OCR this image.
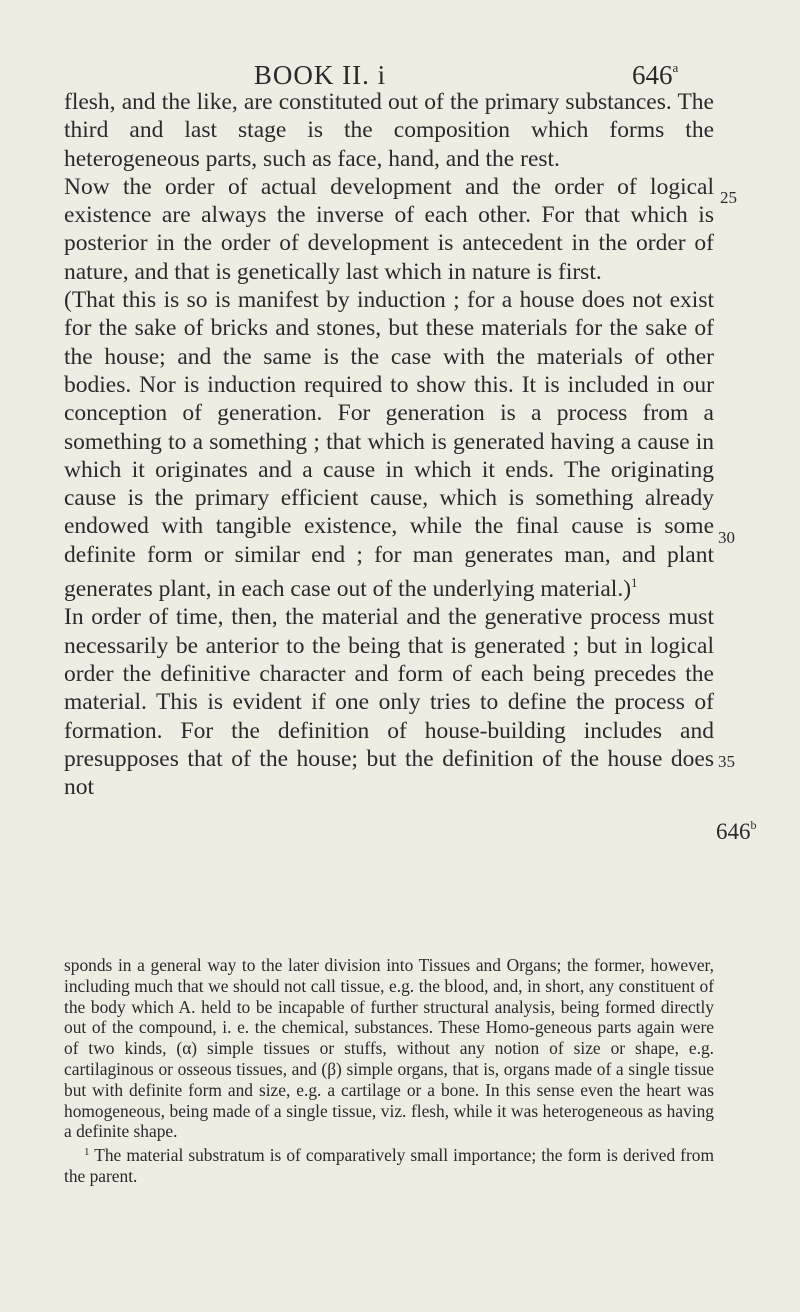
BOOK II. i	646$^a$

flesh, and the like, are constituted out of the primary substances. The third and last stage is the composition which forms the heterogeneous parts, such as face, hand, and the rest.

Now the order of actual development and the order of logical existence are always the inverse of each other. For that which is posterior in the order of development is antecedent in the order of nature, and that is genetically last which in nature is first.

(That this is so is manifest by induction ; for a house does not exist for the sake of bricks and stones, but these materials for the sake of the house; and the same is the case with the materials of other bodies. Nor is induction required to show this. It is included in our conception of generation. For generation is a process from a something to a something ; that which is generated having a cause in which it originates and a cause in which it ends. The originating cause is the primary efficient cause, which is something already endowed with tangible existence, while the final cause is some definite form or similar end ; for man generates man, and plant generates plant, in each case out of the underlying material.)$^1$

In order of time, then, the material and the generative process must necessarily be anterior to the being that is generated ; but in logical order the definitive character and form of each being precedes the material. This is evident if one only tries to define the process of formation. For the definition of house-building includes and presupposes that of the house; but the definition of the house does not

25
30
35
646$^b$

sponds in a general way to the later division into Tissues and Organs; the former, however, including much that we should not call tissue, e.g. the blood, and, in short, any constituent of the body which A. held to be incapable of further structural analysis, being formed directly out of the compound, i. e. the chemical, substances. These Homo-geneous parts again were of two kinds, (α) simple tissues or stuffs, without any notion of size or shape, e.g. cartilaginous or osseous tissues, and (β) simple organs, that is, organs made of a single tissue but with definite form and size, e.g. a cartilage or a bone. In this sense even the heart was homogeneous, being made of a single tissue, viz. flesh, while it was heterogeneous as having a definite shape.

$^1$ The material substratum is of comparatively small importance; the form is derived from the parent.
